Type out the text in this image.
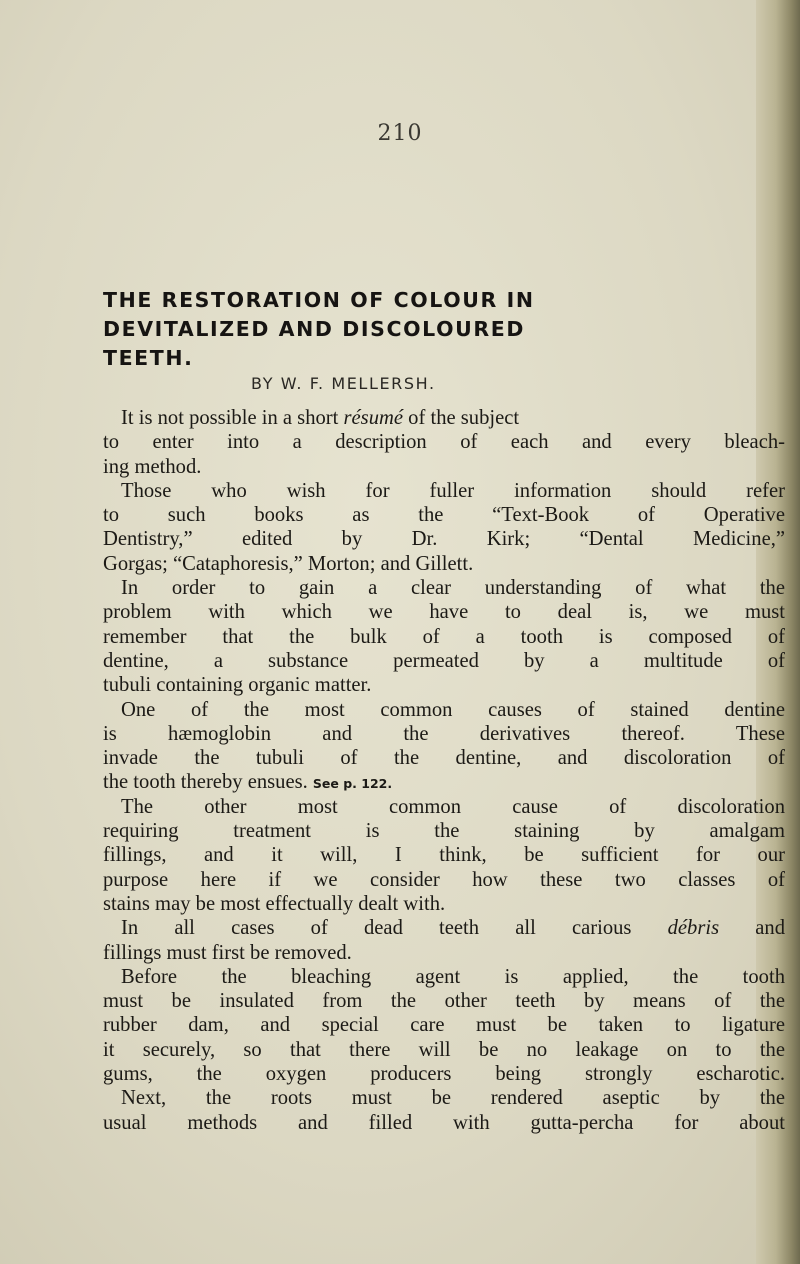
210
THE RESTORATION OF COLOUR IN
DEVITALIZED AND DISCOLOURED
TEETH.
BY W. F. MELLERSH.
It is not possible in a short résumé of the subject
to enter into a description of each and every bleach-
ing method.
Those who wish for fuller information should refer
to such books as the “Text-Book of Operative
Dentistry,” edited by Dr. Kirk; “Dental Medicine,”
Gorgas; “Cataphoresis,” Morton; and Gillett.
In order to gain a clear understanding of what the
problem with which we have to deal is, we must
remember that the bulk of a tooth is composed of
dentine, a substance permeated by a multitude of
tubuli containing organic matter.
One of the most common causes of stained dentine
is hæmoglobin and the derivatives thereof. These
invade the tubuli of the dentine, and discoloration of
the tooth thereby ensues. See p. 122.
The other most common cause of discoloration
requiring treatment is the staining by amalgam
fillings, and it will, I think, be sufficient for our
purpose here if we consider how these two classes of
stains may be most effectually dealt with.
In all cases of dead teeth all carious débris and
fillings must first be removed.
Before the bleaching agent is applied, the tooth
must be insulated from the other teeth by means of the
rubber dam, and special care must be taken to ligature
it securely, so that there will be no leakage on to the
gums, the oxygen producers being strongly escharotic.
Next, the roots must be rendered aseptic by the
usual methods and filled with gutta-percha for about
